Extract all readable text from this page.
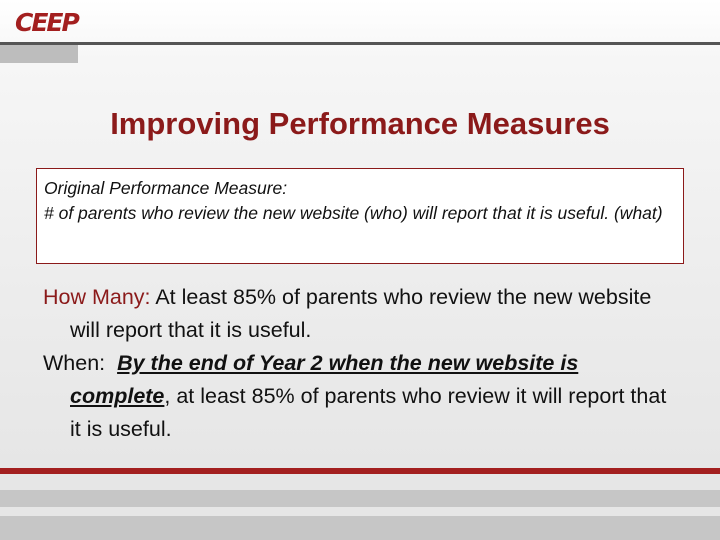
CEEP
Improving Performance Measures
Original Performance Measure:

# of parents who review the new website (who) will report that it is useful. (what)

How Many: At least 85% of parents who review the new website will report that it is useful.

When: By the end of Year 2 when the new website is complete, at least 85% of parents who review it will report that it is useful.
